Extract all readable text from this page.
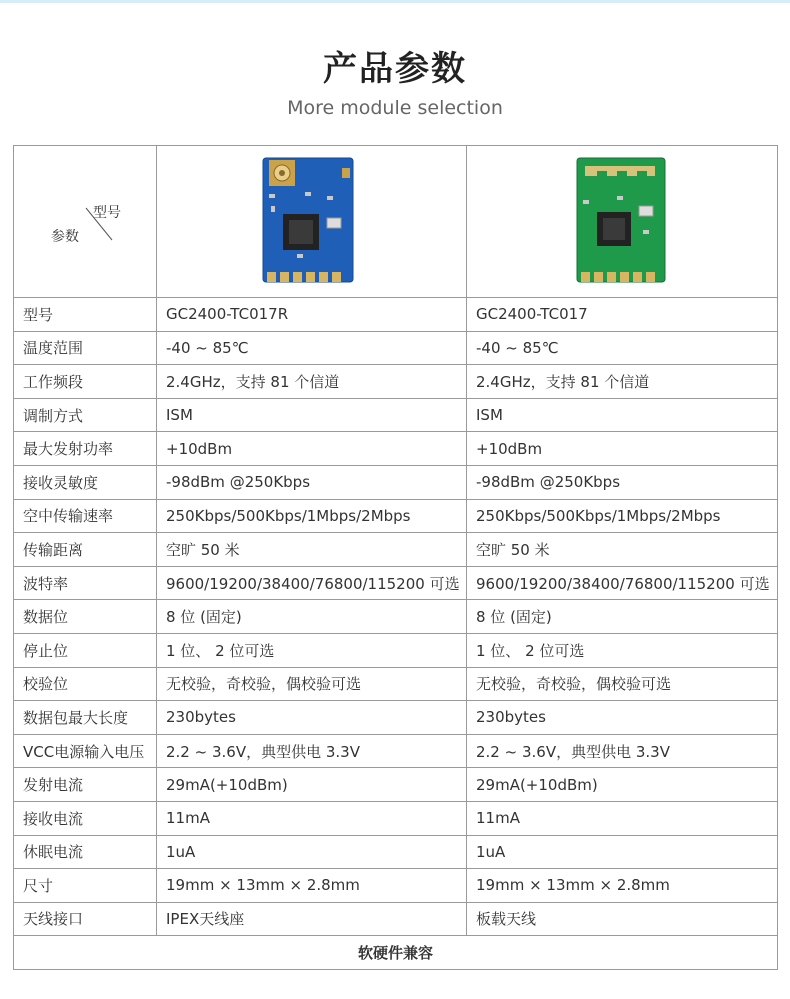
产品参数
More module selection
型号
参数

型号	GC2400-TC017R	GC2400-TC017
温度范围	-40 ~ 85℃	-40 ~ 85℃
工作频段	2.4GHz，支持 81 个信道	2.4GHz，支持 81 个信道
调制方式	ISM	ISM
最大发射功率	+10dBm	+10dBm
接收灵敏度	-98dBm @250Kbps	-98dBm @250Kbps
空中传输速率	250Kbps/500Kbps/1Mbps/2Mbps	250Kbps/500Kbps/1Mbps/2Mbps
传输距离	空旷 50 米	空旷 50 米
波特率	9600/19200/38400/76800/115200 可选	9600/19200/38400/76800/115200 可选
数据位	8 位 (固定)	8 位 (固定)
停止位	1 位、 2 位可选	1 位、 2 位可选
校验位	无校验，奇校验，偶校验可选	无校验，奇校验，偶校验可选
数据包最大长度	230bytes	230bytes
VCC电源输入电压	2.2 ~ 3.6V，典型供电 3.3V	2.2 ~ 3.6V，典型供电 3.3V
发射电流	29mA(+10dBm)	29mA(+10dBm)
接收电流	11mA	11mA
休眠电流	1uA	1uA
尺寸	19mm × 13mm × 2.8mm	19mm × 13mm × 2.8mm
天线接口	IPEX天线座	板载天线
软硬件兼容		
